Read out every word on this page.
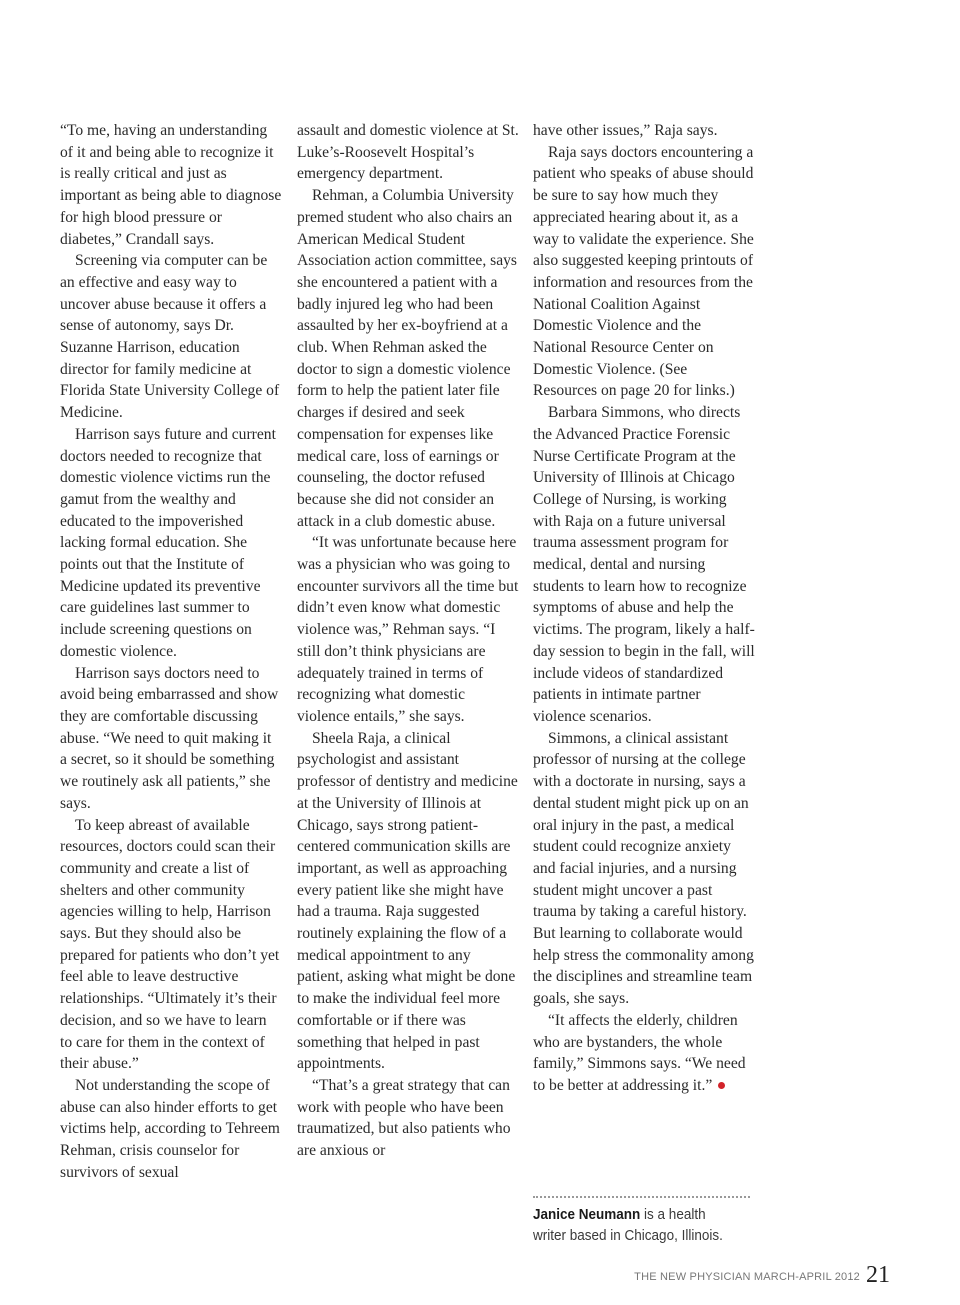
“To me, having an understanding of it and being able to recognize it is really critical and just as important as being able to diagnose for high blood pressure or diabetes,” Crandall says.

Screening via computer can be an effective and easy way to uncover abuse because it offers a sense of autonomy, says Dr. Suzanne Harrison, education director for family medicine at Florida State University College of Medicine.

Harrison says future and current doctors needed to recognize that domestic violence victims run the gamut from the wealthy and educated to the impoverished lacking formal education. She points out that the Institute of Medicine updated its preventive care guidelines last summer to include screening questions on domestic violence.

Harrison says doctors need to avoid being embarrassed and show they are comfortable discussing abuse. “We need to quit making it a secret, so it should be something we routinely ask all patients,” she says.

To keep abreast of available resources, doctors could scan their community and create a list of shelters and other community agencies willing to help, Harrison says. But they should also be prepared for patients who don’t yet feel able to leave destructive relationships. “Ultimately it’s their decision, and so we have to learn to care for them in the context of their abuse.”

Not understanding the scope of abuse can also hinder efforts to get victims help, according to Tehreem Rehman, crisis counselor for survivors of sexual

assault and domestic violence at St. Luke’s-Roosevelt Hospital’s emergency department.

Rehman, a Columbia University premed student who also chairs an American Medical Student Association action committee, says she encountered a patient with a badly injured leg who had been assaulted by her ex-boyfriend at a club. When Rehman asked the doctor to sign a domestic violence form to help the patient later file charges if desired and seek compensation for expenses like medical care, loss of earnings or counseling, the doctor refused because she did not consider an attack in a club domestic abuse.

“It was unfortunate because here was a physician who was going to encounter survivors all the time but didn’t even know what domestic violence was,” Rehman says. “I still don’t think physicians are adequately trained in terms of recognizing what domestic violence entails,” she says.

Sheela Raja, a clinical psychologist and assistant professor of dentistry and medicine at the University of Illinois at Chicago, says strong patient-centered communication skills are important, as well as approaching every patient like she might have had a trauma. Raja suggested routinely explaining the flow of a medical appointment to any patient, asking what might be done to make the individual feel more comfortable or if there was something that helped in past appointments.

“That’s a great strategy that can work with people who have been traumatized, but also patients who are anxious or

have other issues,” Raja says.

Raja says doctors encountering a patient who speaks of abuse should be sure to say how much they appreciated hearing about it, as a way to validate the experience. She also suggested keeping printouts of information and resources from the National Coalition Against Domestic Violence and the National Resource Center on Domestic Violence. (See Resources on page 20 for links.)

Barbara Simmons, who directs the Advanced Practice Forensic Nurse Certificate Program at the University of Illinois at Chicago College of Nursing, is working with Raja on a future universal trauma assessment program for medical, dental and nursing students to learn how to recognize symptoms of abuse and help the victims. The program, likely a half-day session to begin in the fall, will include videos of standardized patients in intimate partner violence scenarios.

Simmons, a clinical assistant professor of nursing at the college with a doctorate in nursing, says a dental student might pick up on an oral injury in the past, a medical student could recognize anxiety and facial injuries, and a nursing student might uncover a past trauma by taking a careful history. But learning to collaborate would help stress the commonality among the disciplines and streamline team goals, she says.

“It affects the elderly, children who are bystanders, the whole family,” Simmons says. “We need to be better at addressing it.”

Janice Neumann is a health writer based in Chicago, Illinois.
THE NEW PHYSICIAN MARCH-APRIL 2012 21
